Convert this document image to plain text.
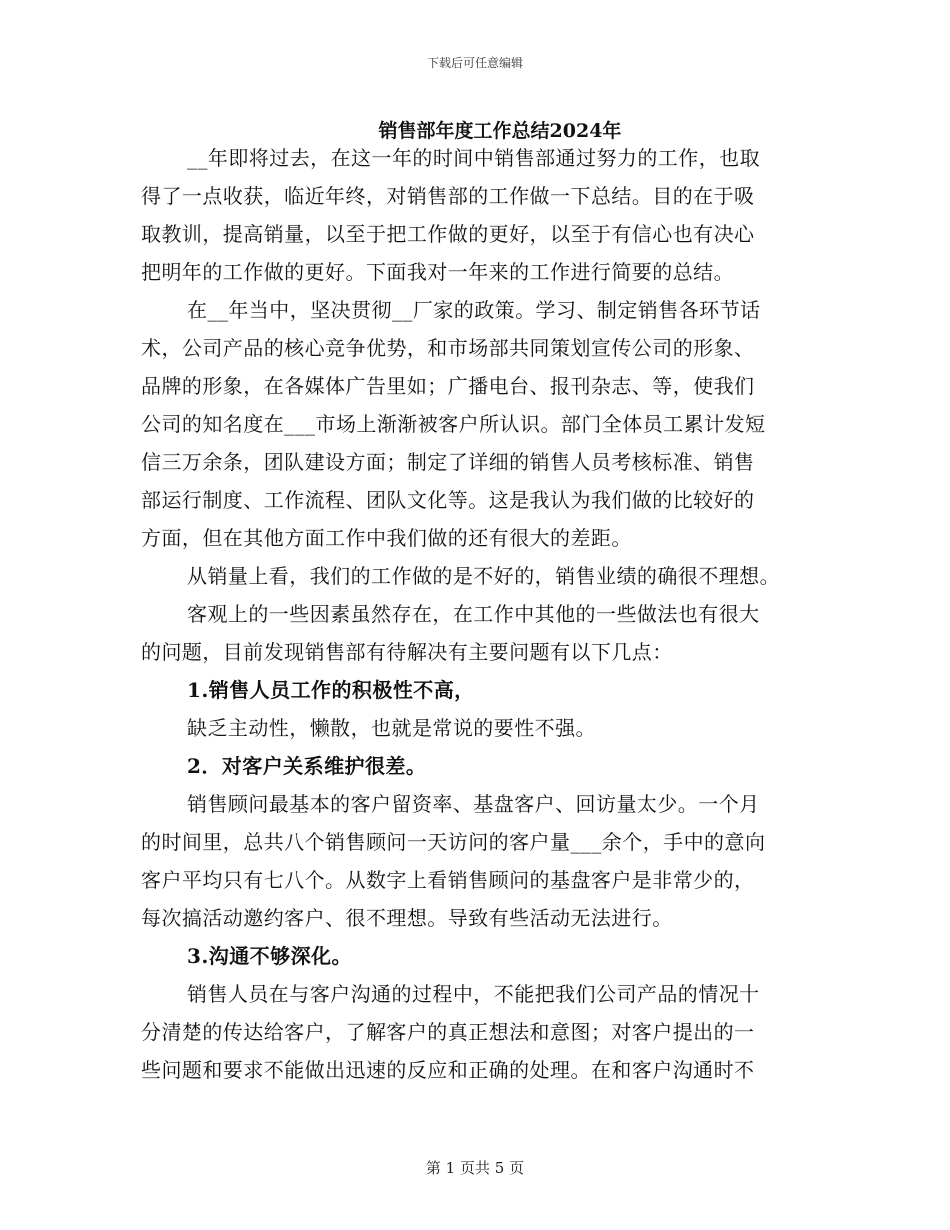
下载后可任意编辑
销售部年度工作总结2024年
__年即将过去，在这一年的时间中销售部通过努力的工作，也取
得了一点收获，临近年终，对销售部的工作做一下总结。目的在于吸
取教训，提高销量，以至于把工作做的更好，以至于有信心也有决心
把明年的工作做的更好。下面我对一年来的工作进行简要的总结。
在__年当中，坚决贯彻__厂家的政策。学习、制定销售各环节话
术，公司产品的核心竞争优势，和市场部共同策划宣传公司的形象、
品牌的形象，在各媒体广告里如；广播电台、报刊杂志、等，使我们
公司的知名度在___市场上渐渐被客户所认识。部门全体员工累计发短
信三万余条，团队建设方面；制定了详细的销售人员考核标准、销售
部运行制度、工作流程、团队文化等。这是我认为我们做的比较好的
方面，但在其他方面工作中我们做的还有很大的差距。
从销量上看，我们的工作做的是不好的，销售业绩的确很不理想。
客观上的一些因素虽然存在，在工作中其他的一些做法也有很大
的问题，目前发现销售部有待解决有主要问题有以下几点：
1.销售人员工作的积极性不高，
缺乏主动性，懒散，也就是常说的要性不强。
2．对客户关系维护很差。
销售顾问最基本的客户留资率、基盘客户、回访量太少。一个月
的时间里，总共八个销售顾问一天访问的客户量___余个，手中的意向
客户平均只有七八个。从数字上看销售顾问的基盘客户是非常少的，
每次搞活动邀约客户、很不理想。导致有些活动无法进行。
3.沟通不够深化。
销售人员在与客户沟通的过程中，不能把我们公司产品的情况十
分清楚的传达给客户，了解客户的真正想法和意图；对客户提出的一
些问题和要求不能做出迅速的反应和正确的处理。在和客户沟通时不
第 1 页共 5 页
